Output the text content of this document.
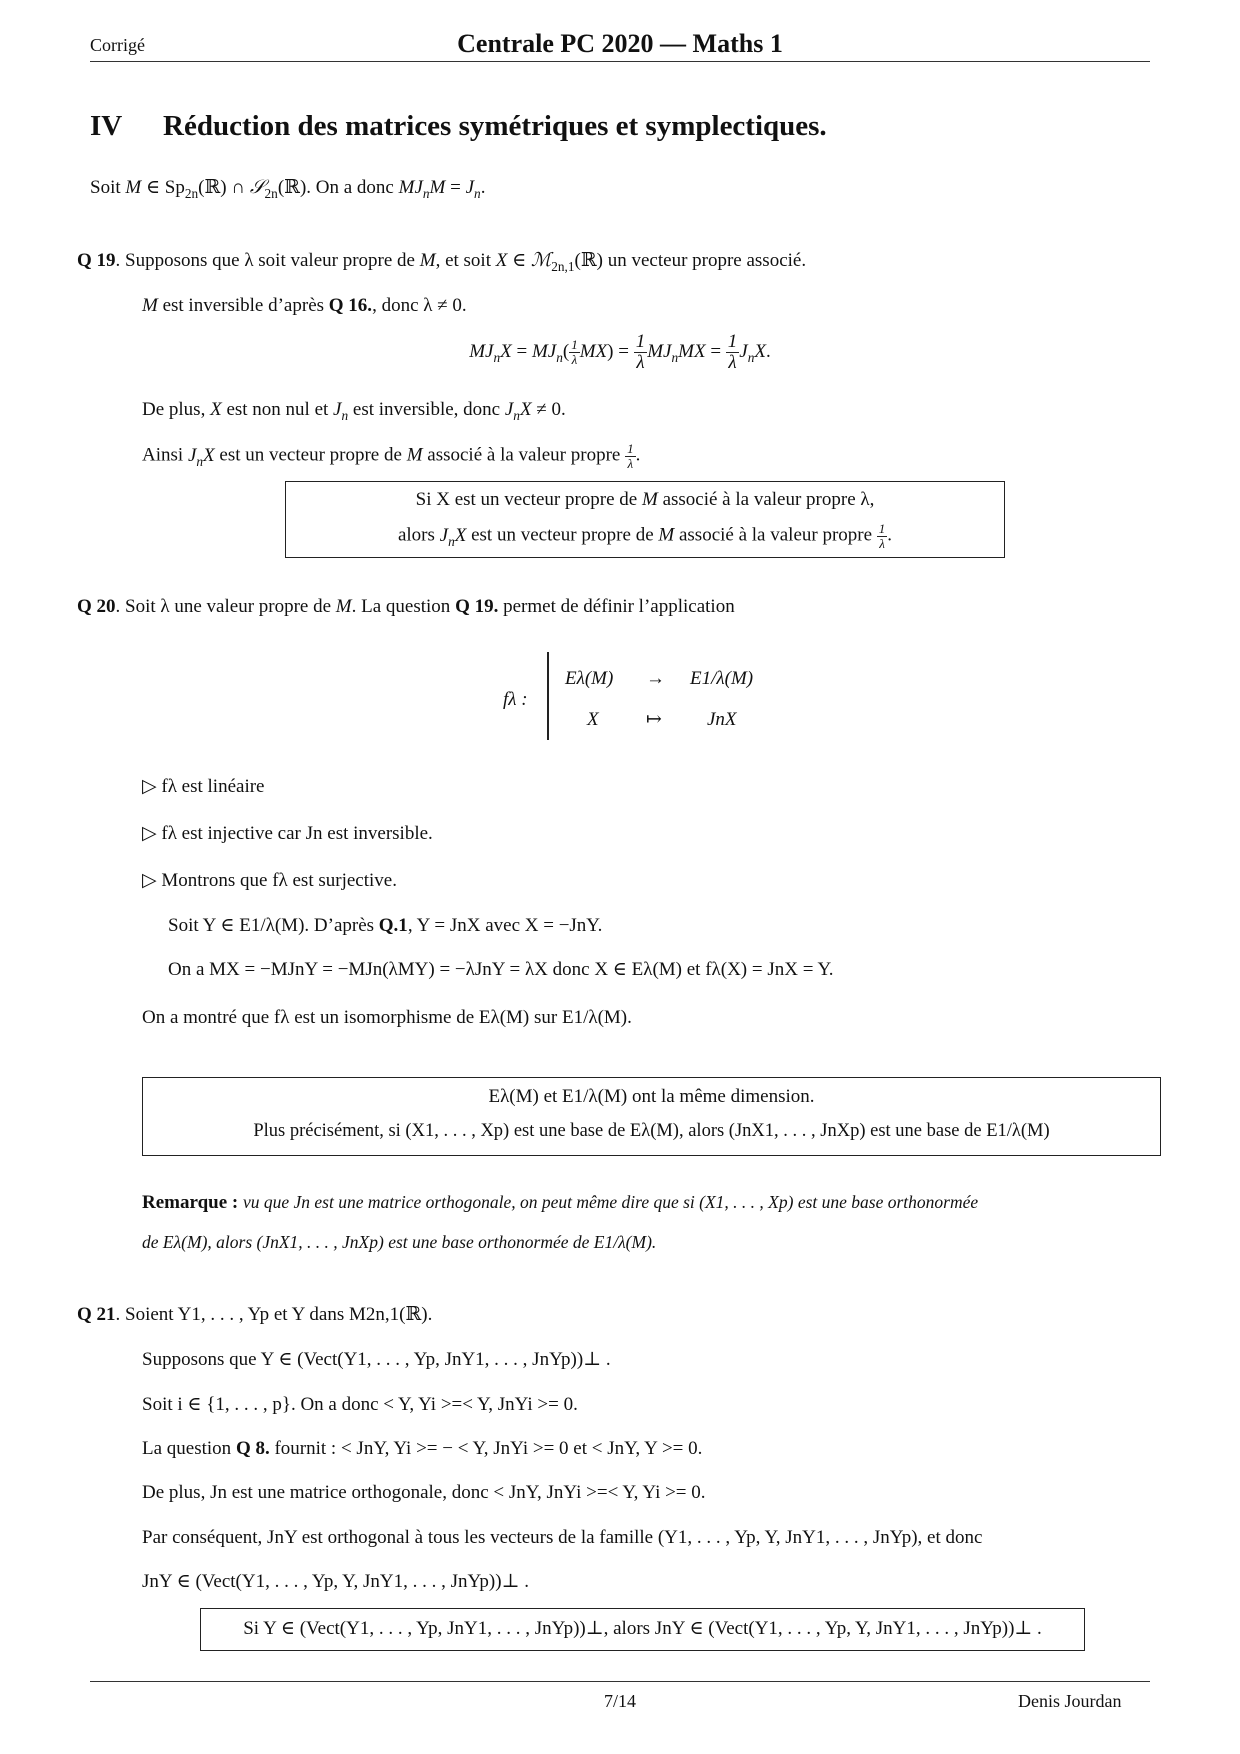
Corrigé	Centrale PC 2020 — Maths 1
IV Réduction des matrices symétriques et symplectiques.
Soit M ∈ $Sp_{2n}(ℝ)$ ∩ 𝒮$_{2n}$(ℝ). On a donc $MJ_nM = J_n$.
Q 19. Supposons que λ soit valeur propre de M, et soit X ∈ ℳ$_{2n,1}$(ℝ) un vecteur propre associé.
M est inversible d’après Q 16., donc λ ≠ 0.
$MJ_nX = MJ_n( \frac{1}{\lambda} MX) = \frac{1}{\lambda} MJ_nMX = \frac{1}{\lambda} J_nX$.
De plus, X est non nul et $J_n$ est inversible, donc $J_nX \ne 0$.
Ainsi $J_nX$ est un vecteur propre de M associé à la valeur propre $\frac{1}{\lambda}$ .
Si X est un vecteur propre de M associé à la valeur propre λ,
alors $J_nX$ est un vecteur propre de M associé à la valeur propre $\frac{1}{\lambda}$ .
Q 20. Soit λ une valeur propre de M. La question Q 19. permet de définir l’application
fλ :
Eλ(M) → E1/λ(M)
X ↦ JnX
▷ fλ est linéaire
▷ fλ est injective car Jn est inversible.
▷ Montrons que fλ est surjective.
Soit Y ∈ E1/λ(M). D’après Q.1, Y = JnX avec X = −JnY.
On a MX = −MJnY = −MJn(λMY) = −λJnY = λX donc X ∈ Eλ(M) et fλ(X) = JnX = Y.
On a montré que fλ est un isomorphisme de Eλ(M) sur E1/λ(M).
Eλ(M) et E1/λ(M) ont la même dimension.
Plus précisément, si (X1, . . . , Xp) est une base de Eλ(M), alors (JnX1, . . . , JnXp) est une base de E1/λ(M)
Remarque : vu que Jn est une matrice orthogonale, on peut même dire que si (X1, . . . , Xp) est une base orthonormée
de Eλ(M), alors (JnX1, . . . , JnXp) est une base orthonormée de E1/λ(M).
Q 21. Soient Y1, . . . , Yp et Y dans M2n,1(ℝ).
Supposons que Y ∈ (Vect(Y1, . . . , Yp, JnY1, . . . , JnYp))⊥ .
Soit i ∈ {1, . . . , p}. On a donc < Y, Yi >=< Y, JnYi >= 0.
La question Q 8. fournit : < JnY, Yi >= − < Y, JnYi >= 0 et < JnY, Y >= 0.
De plus, Jn est une matrice orthogonale, donc < JnY, JnYi >=< Y, Yi >= 0.
Par conséquent, JnY est orthogonal à tous les vecteurs de la famille (Y1, . . . , Yp, Y, JnY1, . . . , JnYp), et donc
JnY ∈ (Vect(Y1, . . . , Yp, Y, JnY1, . . . , JnYp))⊥ .
Si Y ∈ (Vect(Y1, . . . , Yp, JnY1, . . . , JnYp))⊥, alors JnY ∈ (Vect(Y1, . . . , Yp, Y, JnY1, . . . , JnYp))⊥ .
7/14	Denis Jourdan
